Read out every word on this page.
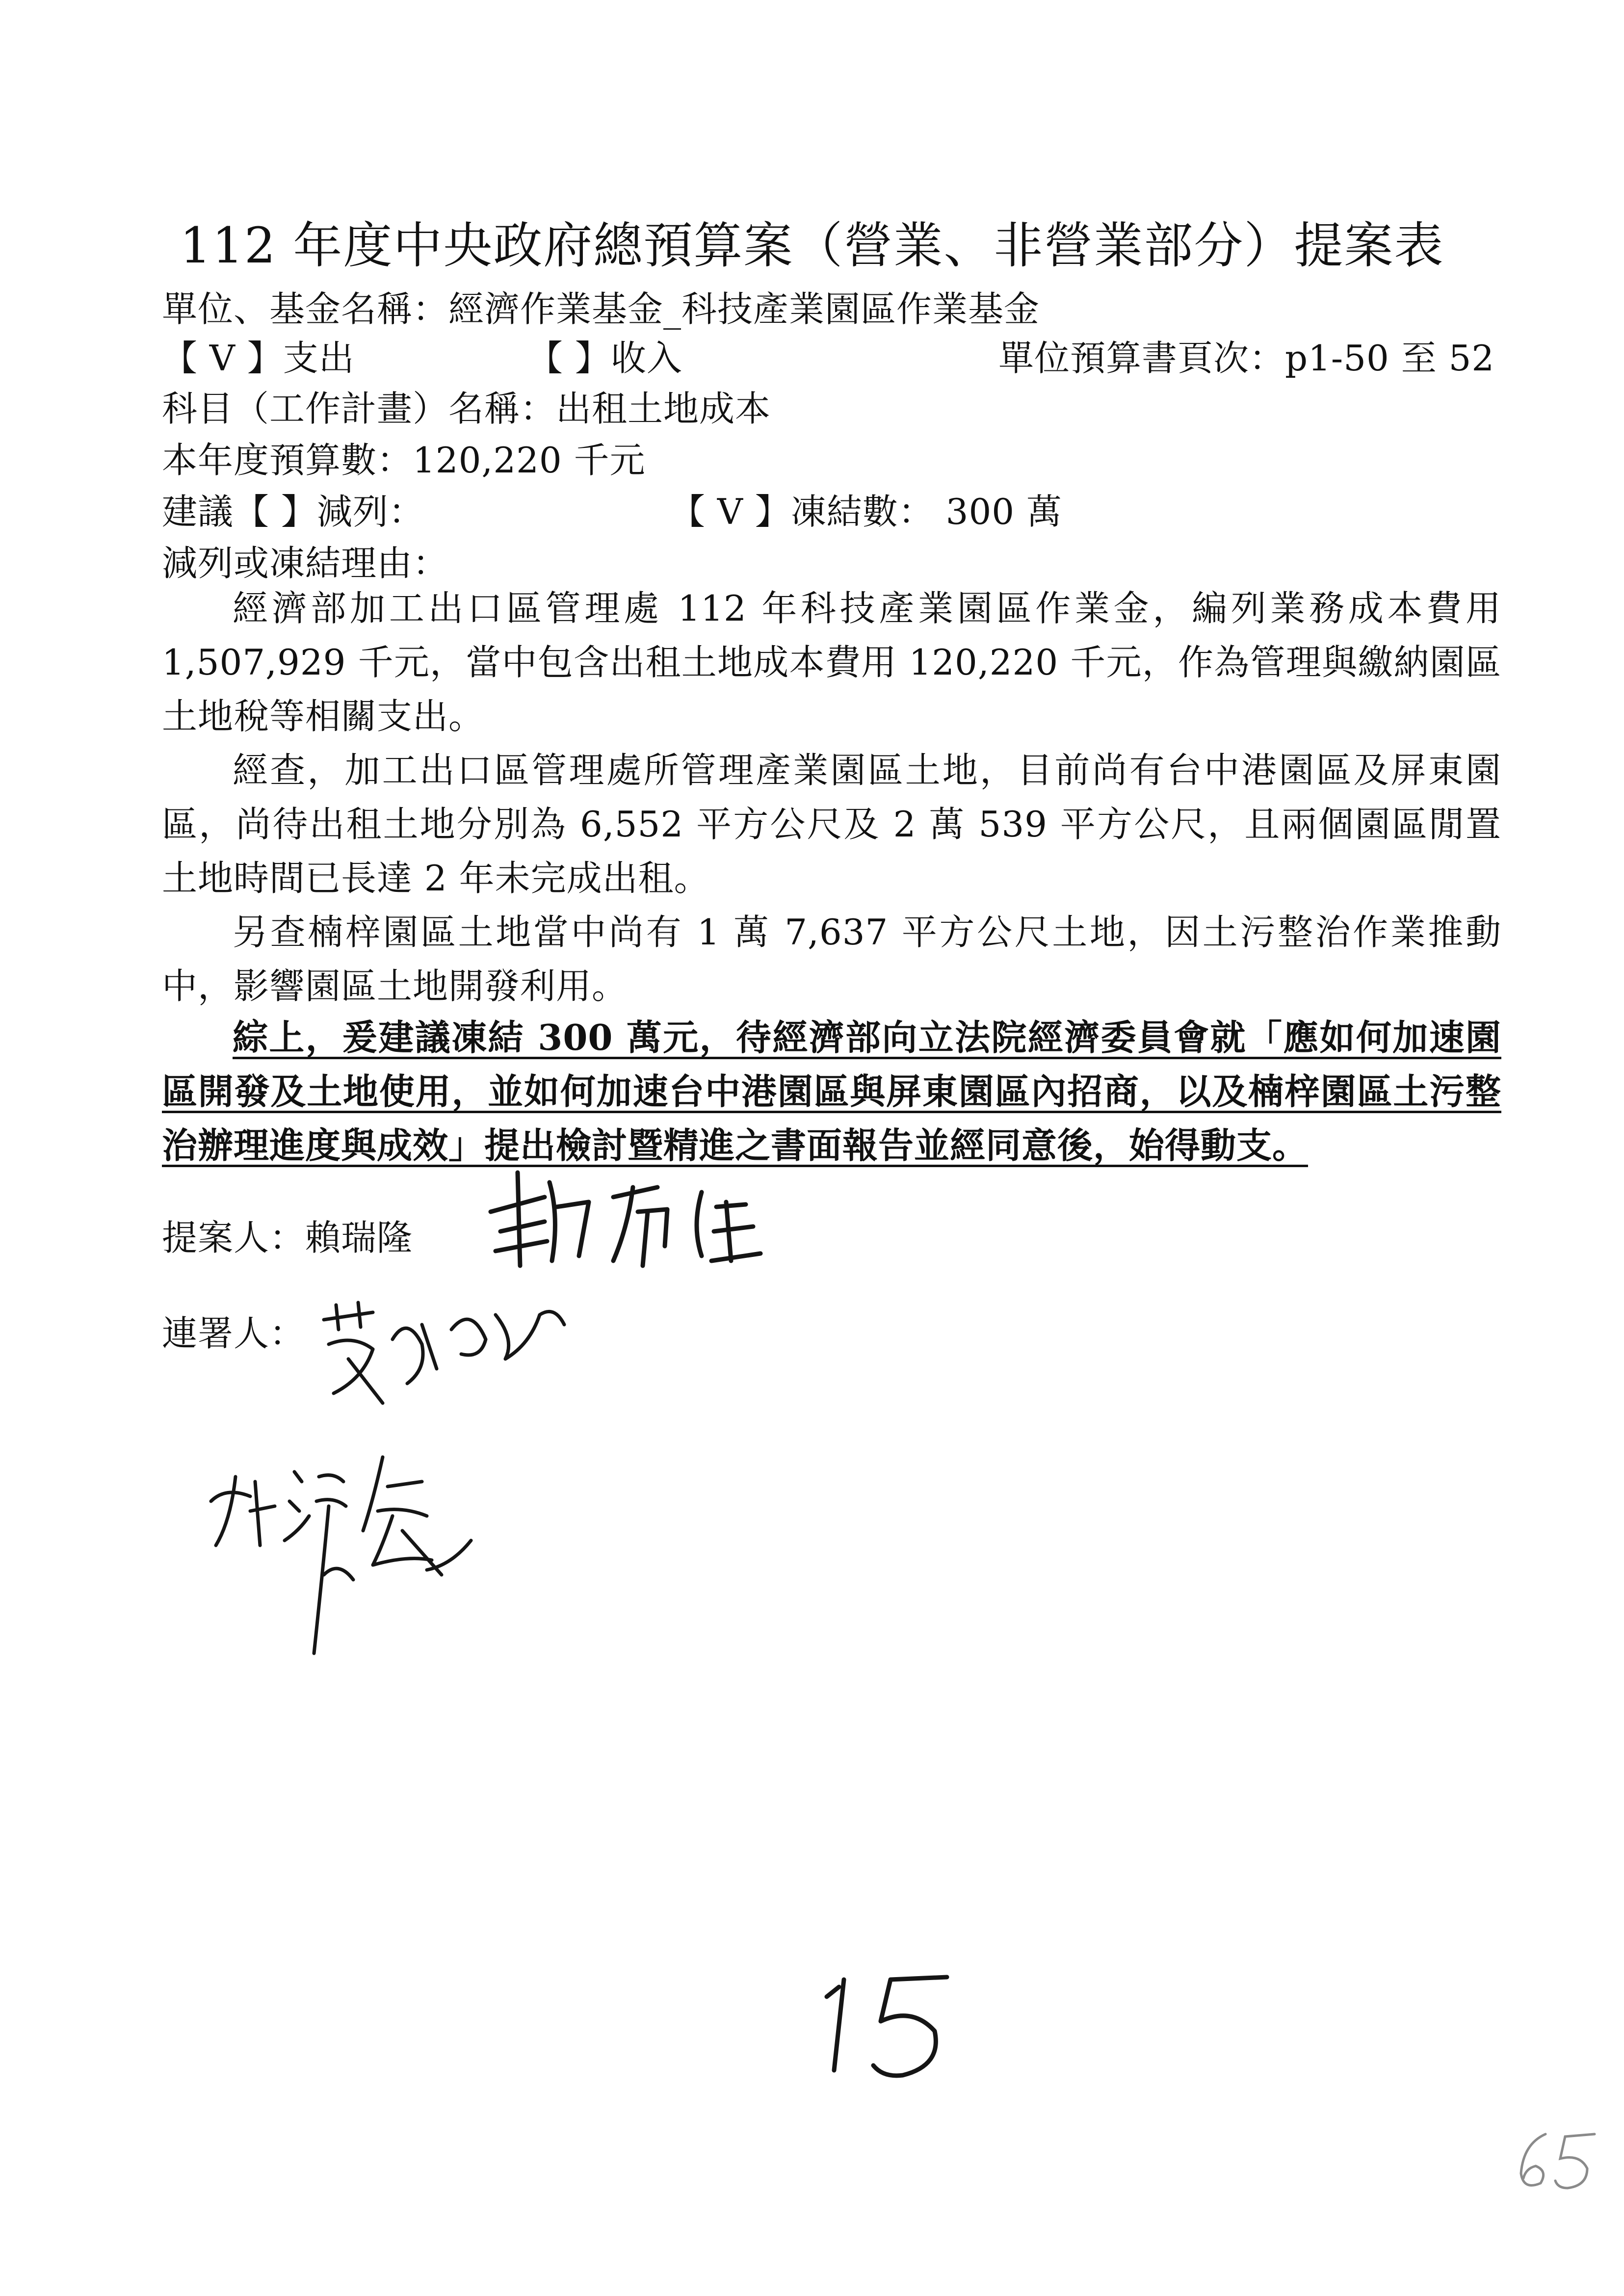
112 年度中央政府總預算案（營業、非營業部分）提案表
單位、基金名稱：經濟作業基金_科技產業園區作業基金
【 V 】支出	【 】收入	單位預算書頁次：p1-50 至 52
科目（工作計畫）名稱：出租土地成本
本年度預算數：120,220 千元
建議【 】減列：	【 V 】凍結數： 300 萬
減列或凍結理由：
經濟部加工出口區管理處 112 年科技產業園區作業金，編列業務成本費用 1,507,929 千元，當中包含出租土地成本費用 120,220 千元，作為管理與繳納園區土地稅等相關支出。
經查，加工出口區管理處所管理產業園區土地，目前尚有台中港園區及屏東園區，尚待出租土地分別為 6,552 平方公尺及 2 萬 539 平方公尺，且兩個園區閒置土地時間已長達 2 年未完成出租。
另查楠梓園區土地當中尚有 1 萬 7,637 平方公尺土地，因土污整治作業推動中，影響園區土地開發利用。
綜上，爰建議凍結 300 萬元，待經濟部向立法院經濟委員會就「應如何加速園區開發及土地使用，並如何加速台中港園區與屏東園區內招商，以及楠梓園區土污整治辦理進度與成效」提出檢討暨精進之書面報告並經同意後，始得動支。
提案人：賴瑞隆
連署人：
